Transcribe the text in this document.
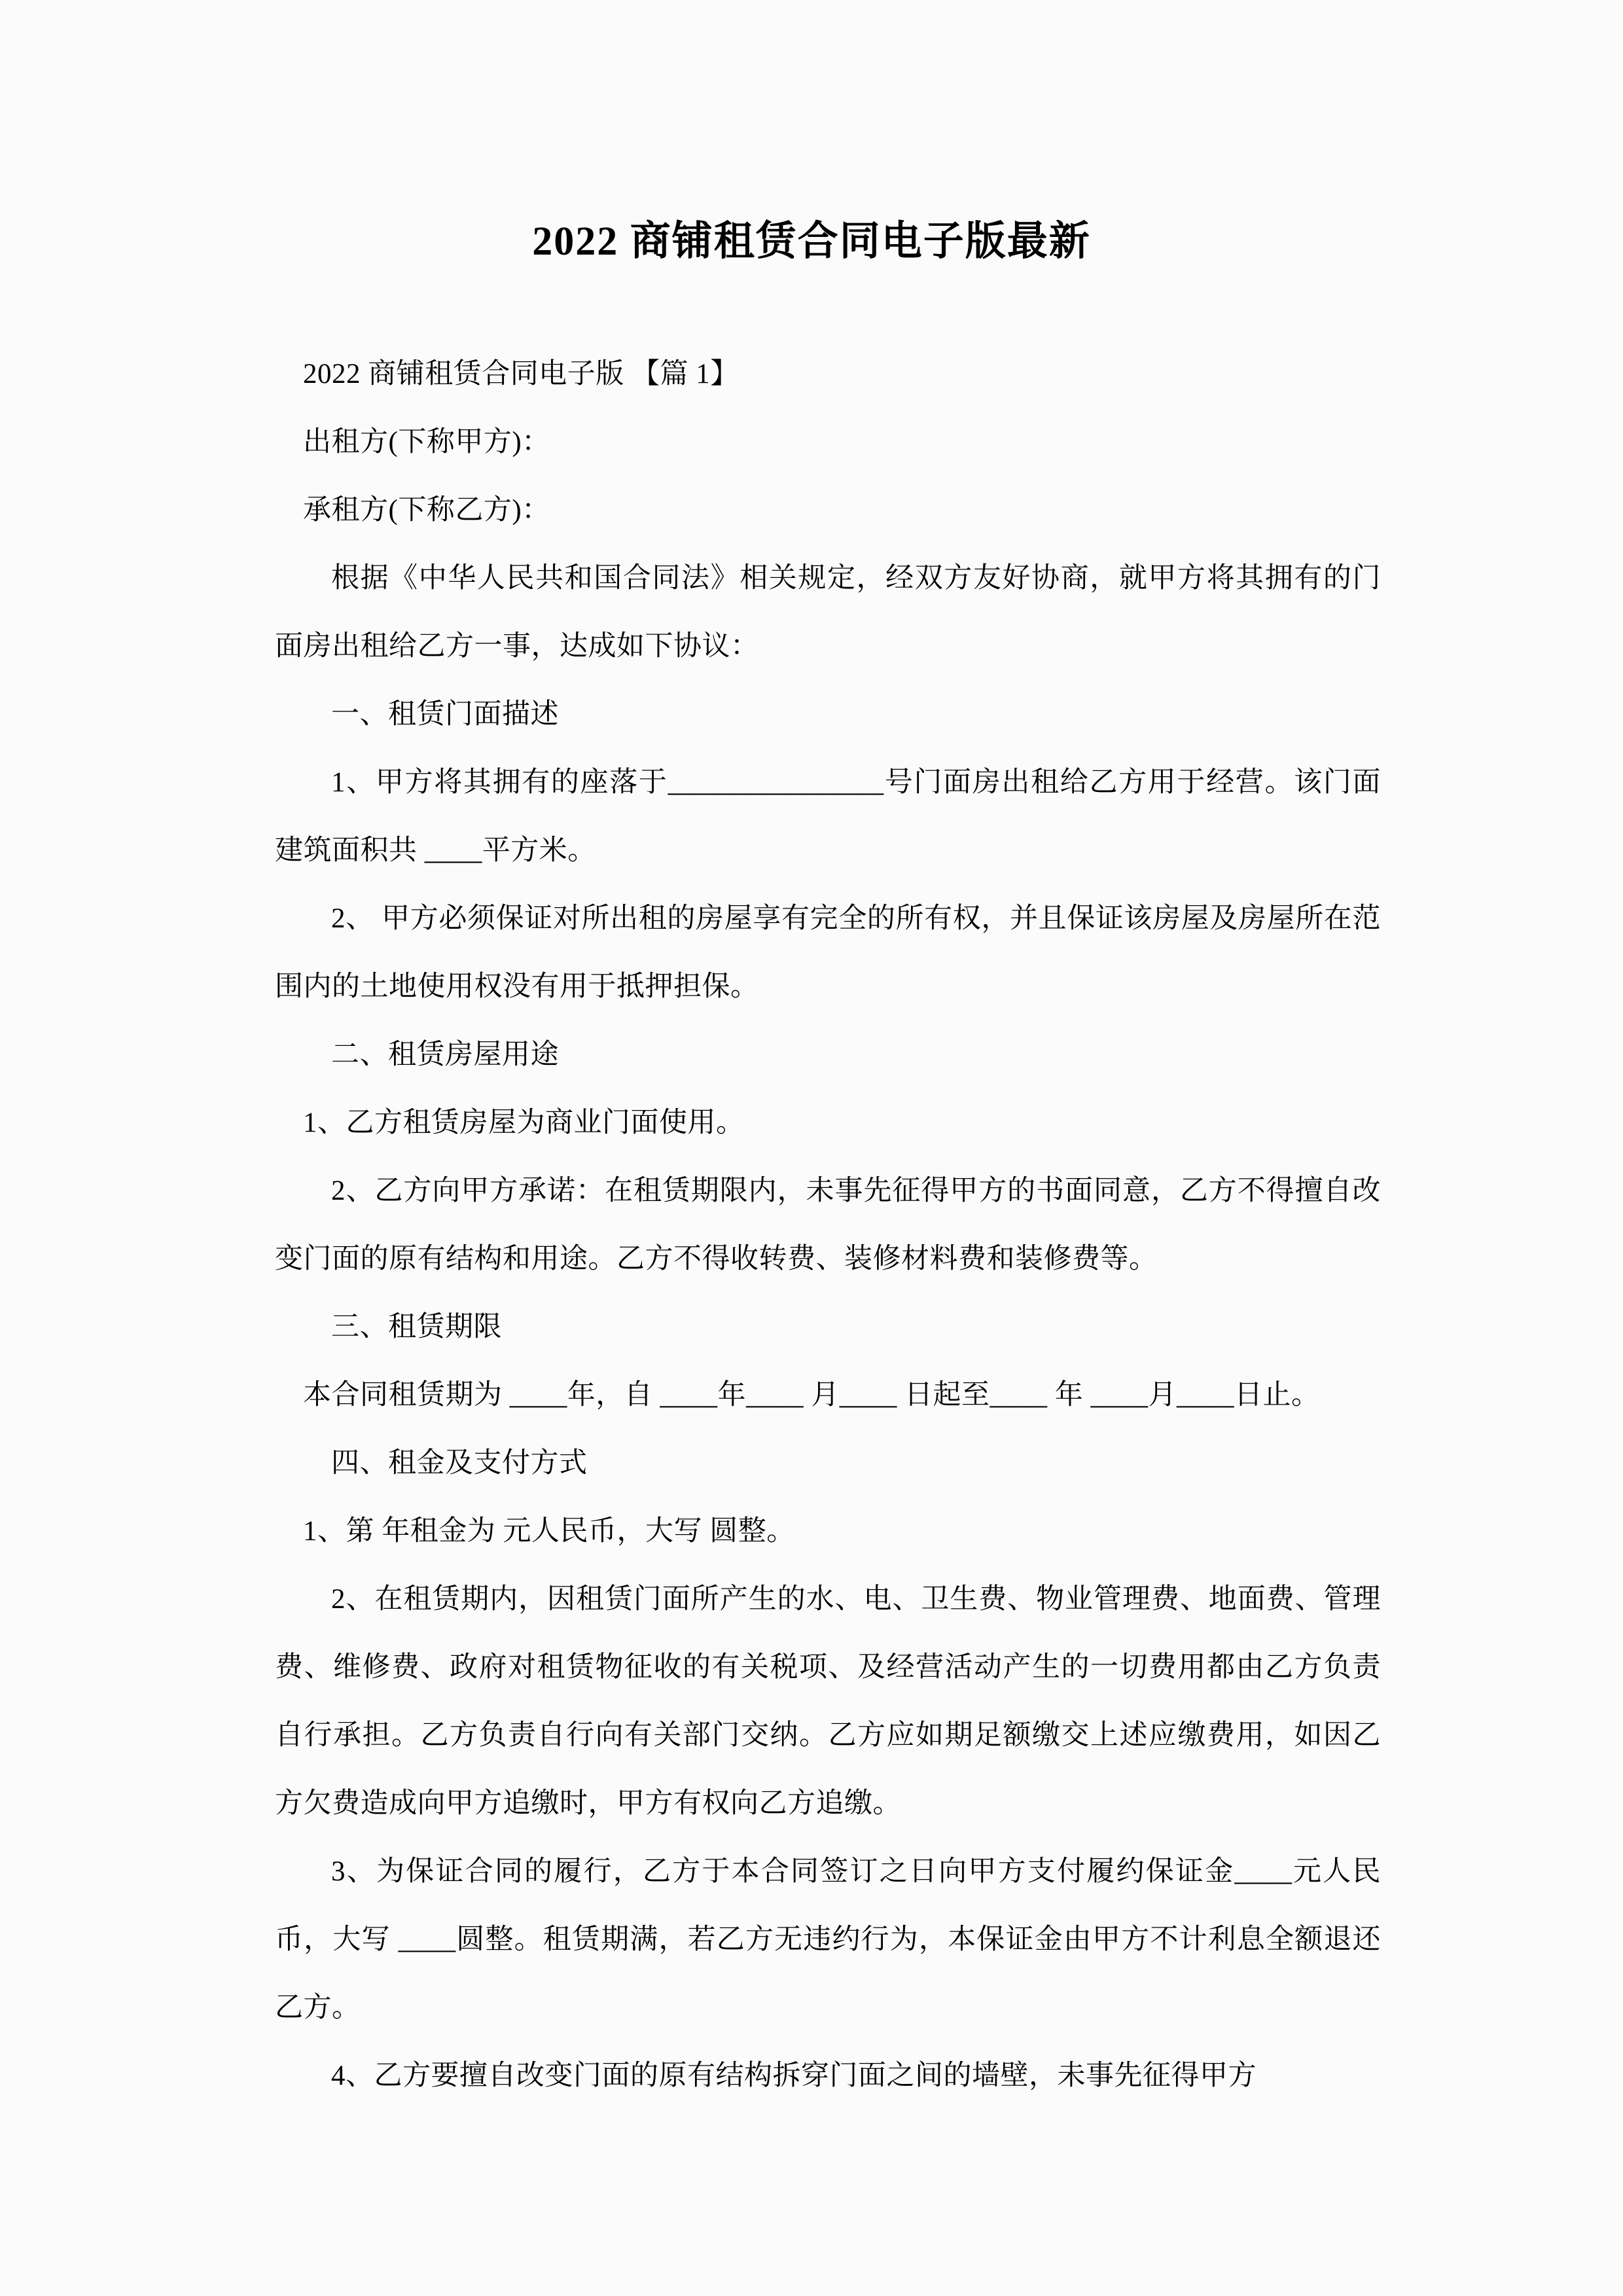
2022 商铺租赁合同电子版最新

2022 商铺租赁合同电子版 【篇 1】

出租方(下称甲方)：

承租方(下称乙方)：

根据《中华人民共和国合同法》相关规定，经双方友好协商，就甲方将其拥有的门面房出租给乙方一事，达成如下协议：

一、租赁门面描述

1、甲方将其拥有的座落于_______________号门面房出租给乙方用于经营。该门面建筑面积共 ____平方米。

2、 甲方必须保证对所出租的房屋享有完全的所有权，并且保证该房屋及房屋所在范围内的土地使用权没有用于抵押担保。

二、租赁房屋用途

1、乙方租赁房屋为商业门面使用。

2、乙方向甲方承诺：在租赁期限内，未事先征得甲方的书面同意，乙方不得擅自改变门面的原有结构和用途。乙方不得收转费、装修材料费和装修费等。

三、租赁期限

本合同租赁期为 ____年，自 ____年____ 月____ 日起至____ 年 ____月____日止。

四、租金及支付方式

1、第 年租金为 元人民币，大写 圆整。

2、在租赁期内，因租赁门面所产生的水、电、卫生费、物业管理费、地面费、管理费、维修费、政府对租赁物征收的有关税项、及经营活动产生的一切费用都由乙方负责自行承担。乙方负责自行向有关部门交纳。乙方应如期足额缴交上述应缴费用，如因乙方欠费造成向甲方追缴时，甲方有权向乙方追缴。

3、为保证合同的履行，乙方于本合同签订之日向甲方支付履约保证金____元人民币，大写 ____圆整。租赁期满，若乙方无违约行为，本保证金由甲方不计利息全额退还乙方。

4、乙方要擅自改变门面的原有结构拆穿门面之间的墙壁，未事先征得甲方
